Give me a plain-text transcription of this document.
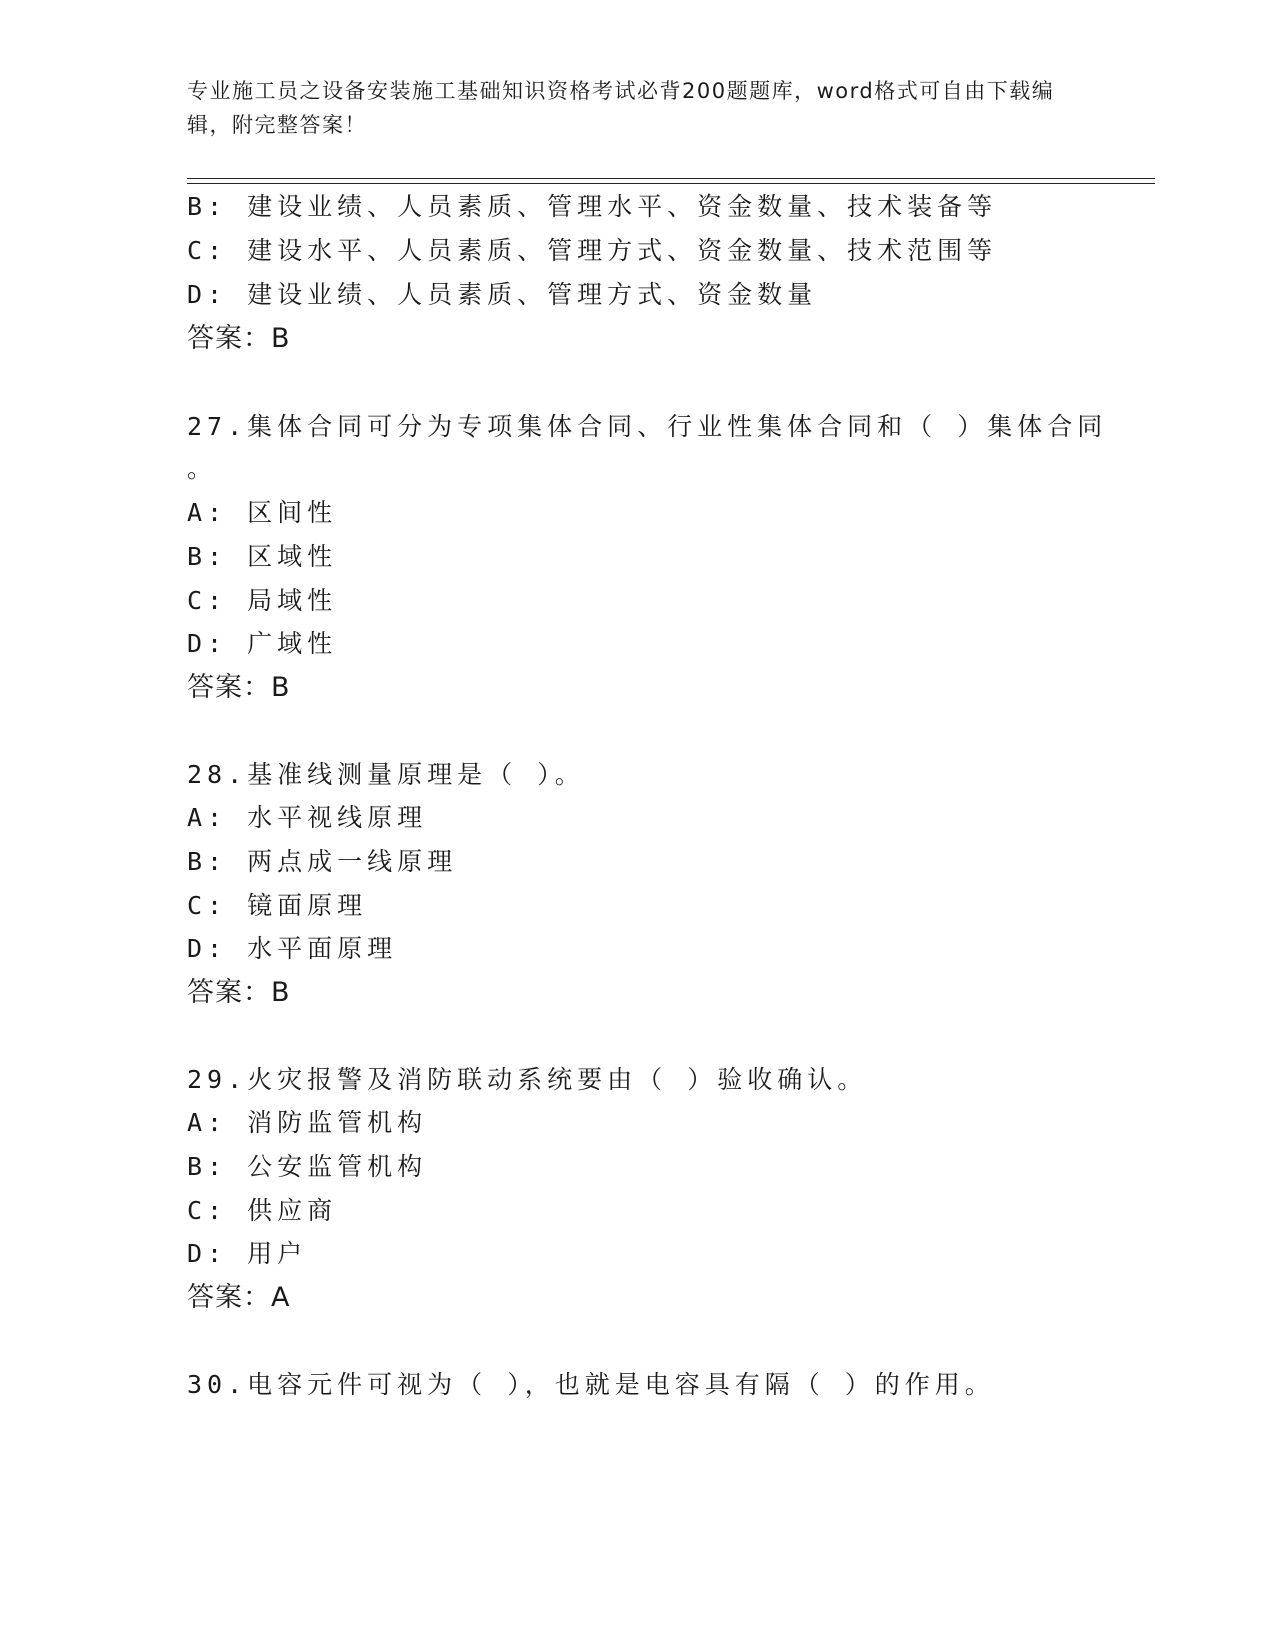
专业施工员之设备安装施工基础知识资格考试必背200题题库，word格式可自由下载编辑，附完整答案！
B: 建设业绩、人员素质、管理水平、资金数量、技术装备等
C: 建设水平、人员素质、管理方式、资金数量、技术范围等
D: 建设业绩、人员素质、管理方式、资金数量
答案：B
27.集体合同可分为专项集体合同、行业性集体合同和（ ）集体合同
。
A: 区间性
B: 区域性
C: 局域性
D: 广域性
答案：B
28.基准线测量原理是（ ）。
A: 水平视线原理
B: 两点成一线原理
C: 镜面原理
D: 水平面原理
答案：B
29.火灾报警及消防联动系统要由（ ）验收确认。
A: 消防监管机构
B: 公安监管机构
C: 供应商
D: 用户
答案：A
30.电容元件可视为（ ），也就是电容具有隔（ ）的作用。
